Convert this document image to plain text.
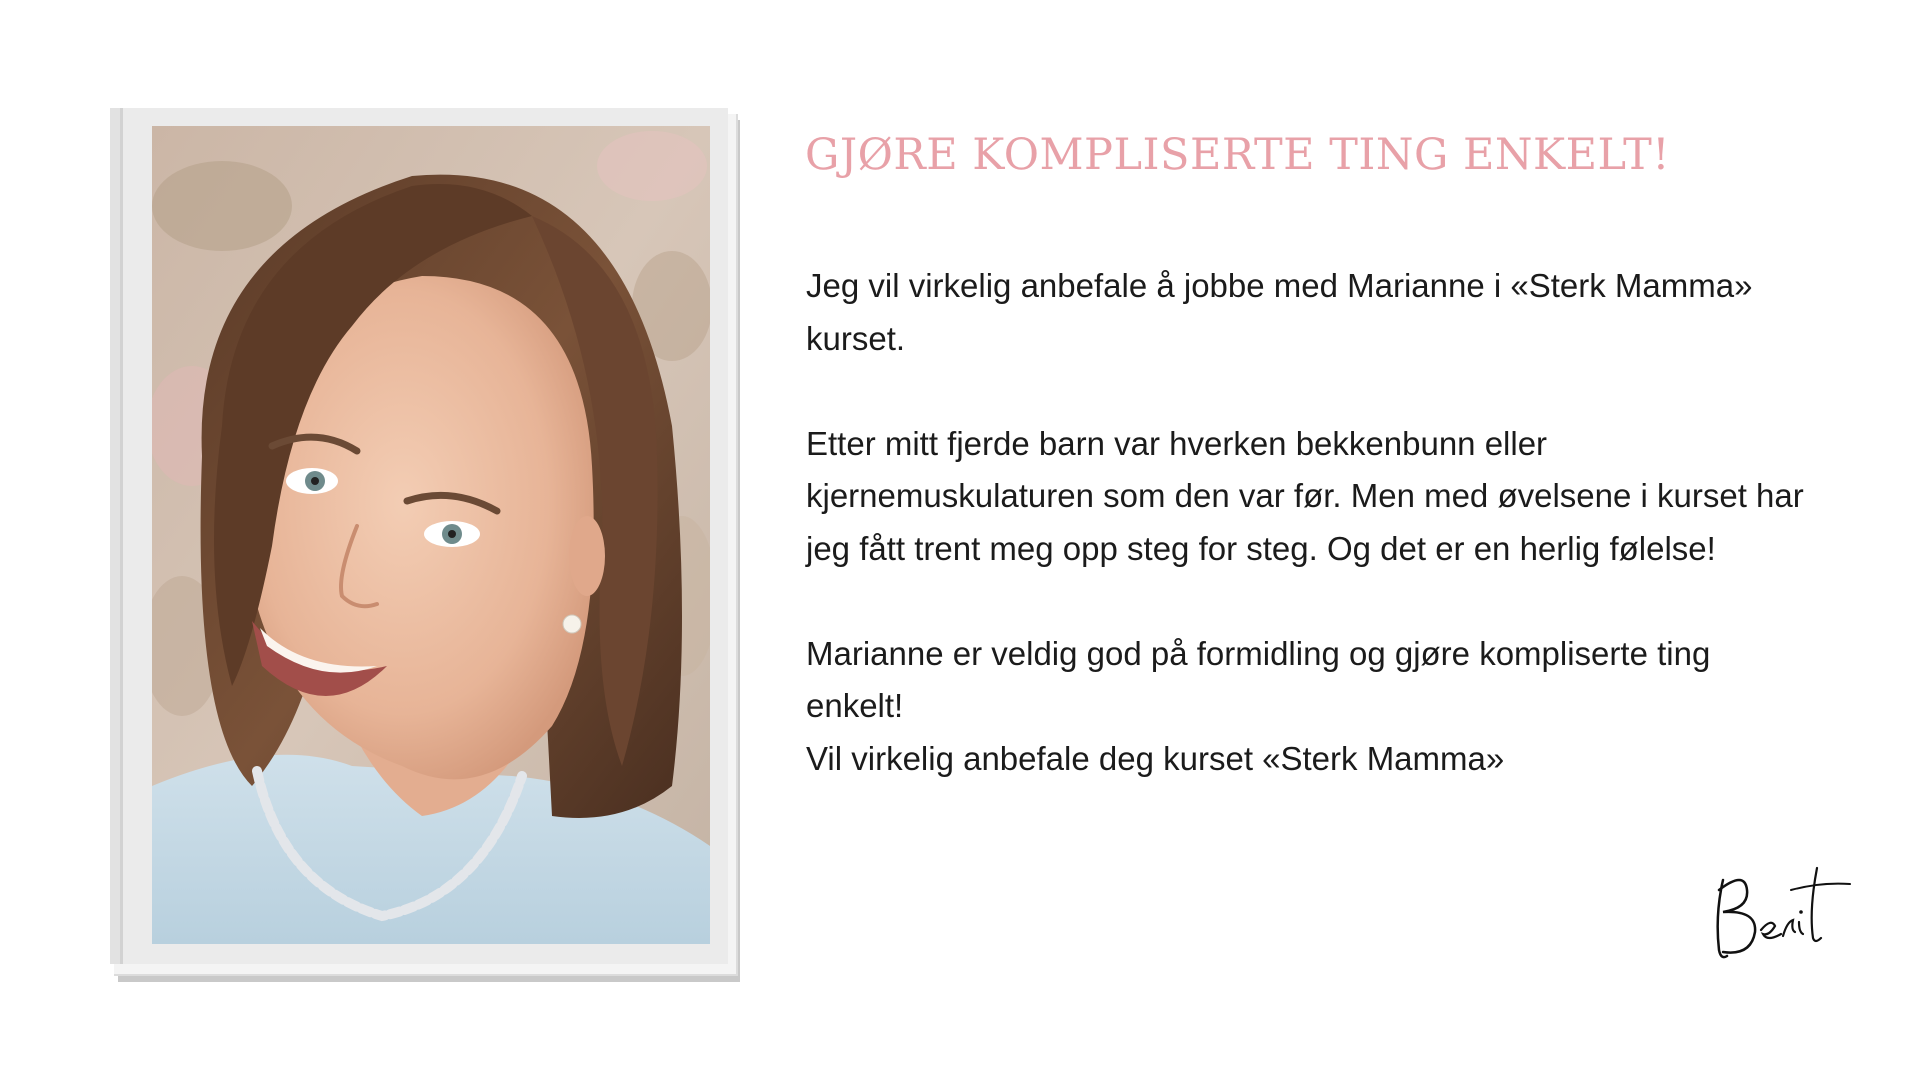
GJØRE KOMPLISERTE TING ENKELT!

Jeg vil virkelig anbefale å jobbe med Marianne i «Sterk Mamma» kurset.

Etter mitt fjerde barn var hverken bekkenbunn eller kjernemuskulaturen som den var før. Men med øvelsene i kurset har jeg fått trent meg opp steg for steg. Og det er en herlig følelse!

Marianne er veldig god på formidling og gjøre kompliserte ting enkelt!

Vil virkelig anbefale deg kurset «Sterk Mamma»
